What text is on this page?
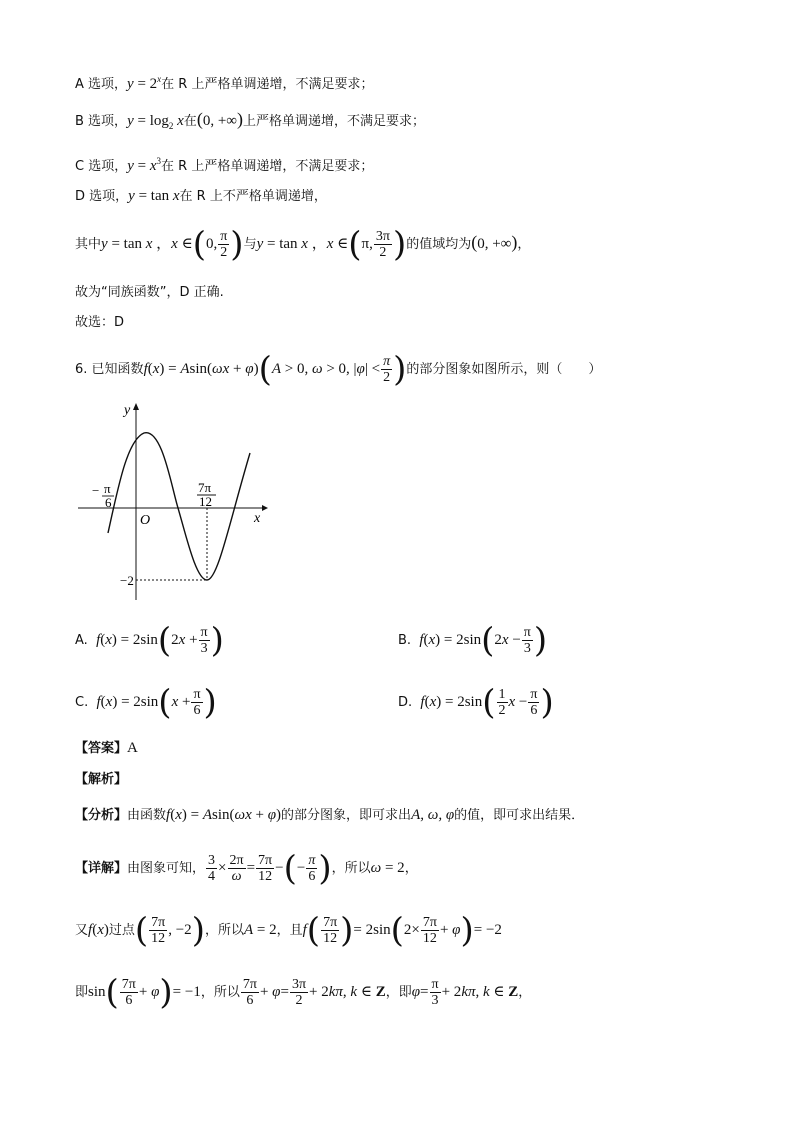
A 选项，$y = 2^x$在 R 上严格单调递增，不满足要求；
B 选项，$y = \log_2 x$在(0, +∞)上严格单调递增，不满足要求；
C 选项，$y = x^3$在 R 上严格单调递增，不满足要求；
D 选项，y = tan x在 R 上不严格单调递增，
其中y = tan x ，x ∈(0, $\frac{\pi}{2}$ )与y = tan x ，x ∈(π, $\frac{3\pi}{2}$ )的值域均为(0, +∞)，
故为“同族函数”，D 正确.
故选：D
6. 已知函数f(x) = Asin(ωx + φ)(A > 0, ω > 0, $|\varphi| < \frac{\pi}{2}$ )的部分图象如图所示，则（　　）
y
x
O
− π
6
7π
12
−2
A. $f(x) = 2\sin(2x + \frac{\pi}{3}$ )	B. $f(x) = 2\sin(2x - \frac{\pi}{3}$ )
C. $f(x) = 2\sin(x + \frac{\pi}{6}$ )	D. $f(x) = 2\sin( \frac{1}{2}$ $x - \frac{\pi}{6}$ )
【答案】A
【解析】
【分析】由函数f(x) = Asin(ωx + φ)的部分图象，即可求出A, ω, φ的值，即可求出结果．
【详解】由图象可知， $\frac{3}{4} \times \frac{2\pi}{\omega} = \frac{7\pi}{12}$ −(− $\frac{\pi}{6}$ )，所以ω = 2，
又f(x)过点( $\frac{7\pi}{12}$ , −2)，所以A = 2，且$f( \frac{7\pi}{12}$ )= $2\sin(2\times \frac{7\pi}{12} + \varphi)= -2$
即$\sin( \frac{7\pi}{6} + \varphi)= -1$，所以 $\frac{7\pi}{6} + \varphi= \frac{3\pi}{2} + 2k\pi$, k ∈ Z，即$\varphi= \frac{\pi}{3} + 2k\pi$, k ∈ Z，
